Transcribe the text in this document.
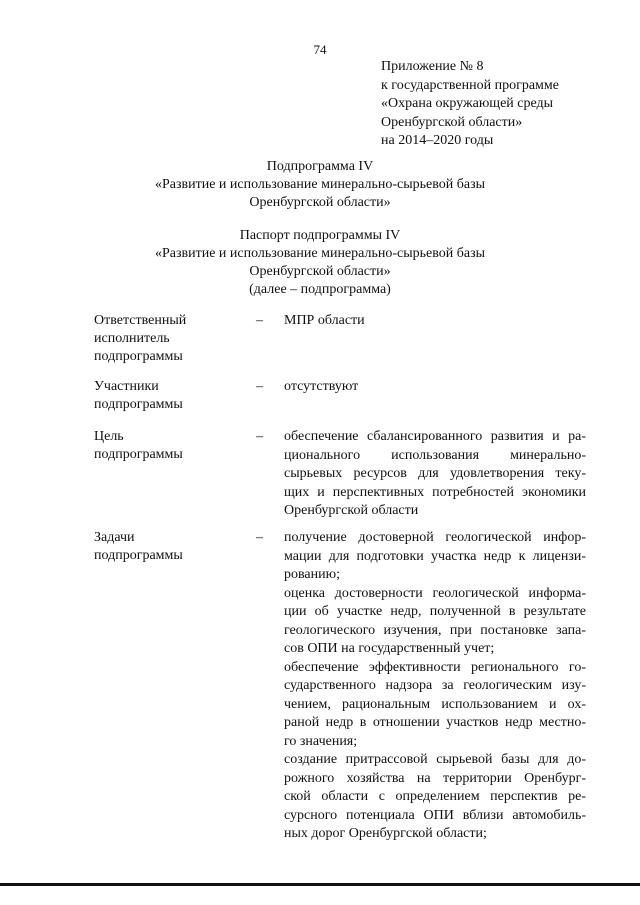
74
Приложение № 8
к государственной программе
«Охрана окружающей среды
Оренбургской области»
на 2014–2020 годы
Подпрограмма IV
«Развитие и использование минерально-сырьевой базы
Оренбургской области»
Паспорт подпрограммы IV
«Развитие и использование минерально-сырьевой базы
Оренбургской области»
(далее – подпрограмма)
Ответственный
исполнитель
подпрограммы
– МПР области
Участники
подпрограммы
– отсутствуют
Цель
подпрограммы
– обеспечение сбалансированного развития и ра-
ционального использования минерально-
сырьевых ресурсов для удовлетворения теку-
щих и перспективных потребностей экономики
Оренбургской области
Задачи
подпрограммы
– получение достоверной геологической инфор-
мации для подготовки участка недр к лицензи-
рованию;
оценка достоверности геологической информа-
ции об участке недр, полученной в результате
геологического изучения, при постановке запа-
сов ОПИ на государственный учет;
обеспечение эффективности регионального го-
сударственного надзора за геологическим изу-
чением, рациональным использованием и ох-
раной недр в отношении участков недр местно-
го значения;
создание притрассовой сырьевой базы для до-
рожного хозяйства на территории Оренбург-
ской области с определением перспектив ре-
сурсного потенциала ОПИ вблизи автомобиль-
ных дорог Оренбургской области;
